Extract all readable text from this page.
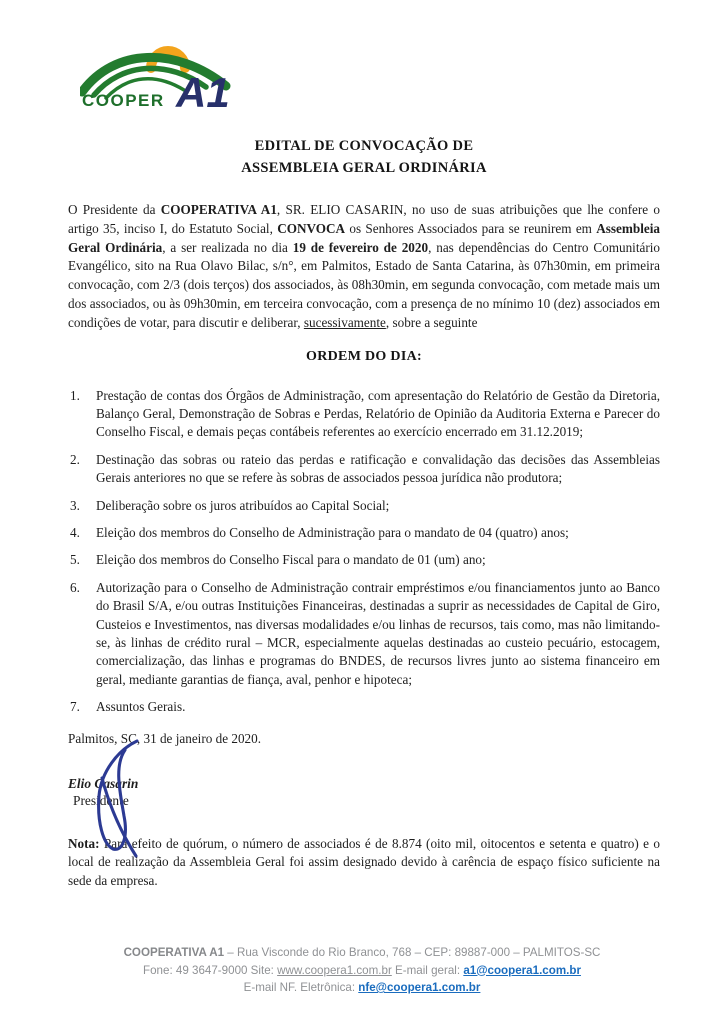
COOPER A1
EDITAL DE CONVOCAÇÃO DE
ASSEMBLEIA GERAL ORDINÁRIA

O Presidente da COOPERATIVA A1, SR. ELIO CASARIN, no uso de suas atribuições que lhe confere o artigo 35, inciso I, do Estatuto Social, CONVOCA os Senhores Associados para se reunirem em Assembleia Geral Ordinária, a ser realizada no dia 19 de fevereiro de 2020, nas dependências do Centro Comunitário Evangélico, sito na Rua Olavo Bilac, s/n°, em Palmitos, Estado de Santa Catarina, às 07h30min, em primeira convocação, com 2/3 (dois terços) dos associados, às 08h30min, em segunda convocação, com metade mais um dos associados, ou às 09h30min, em terceira convocação, com a presença de no mínimo 10 (dez) associados em condições de votar, para discutir e deliberar, sucessivamente, sobre a seguinte

ORDEM DO DIA:
Prestação de contas dos Órgãos de Administração, com apresentação do Relatório de Gestão da Diretoria, Balanço Geral, Demonstração de Sobras e Perdas, Relatório de Opinião da Auditoria Externa e Parecer do Conselho Fiscal, e demais peças contábeis referentes ao exercício encerrado em 31.12.2019;
Destinação das sobras ou rateio das perdas e ratificação e convalidação das decisões das Assembleias Gerais anteriores no que se refere às sobras de associados pessoa jurídica não produtora;
Deliberação sobre os juros atribuídos ao Capital Social;
Eleição dos membros do Conselho de Administração para o mandato de 04 (quatro) anos;
Eleição dos membros do Conselho Fiscal para o mandato de 01 (um) ano;
Autorização para o Conselho de Administração contrair empréstimos e/ou financiamentos junto ao Banco do Brasil S/A, e/ou outras Instituições Financeiras, destinadas a suprir as necessidades de Capital de Giro, Custeios e Investimentos, nas diversas modalidades e/ou linhas de recursos, tais como, mas não limitando-se, às linhas de crédito rural – MCR, especialmente aquelas destinadas ao custeio pecuário, estocagem, comercialização, das linhas e programas do BNDES, de recursos livres junto ao sistema financeiro em geral, mediante garantias de fiança, aval, penhor e hipoteca;
Assuntos Gerais.
Palmitos, SC, 31 de janeiro de 2020.
Elio Casarin
Presidente

Nota: Para efeito de quórum, o número de associados é de 8.874 (oito mil, oitocentos e setenta e quatro) e o local de realização da Assembleia Geral foi assim designado devido à carência de espaço físico suficiente na sede da empresa.

COOPERATIVA A1 – Rua Visconde do Rio Branco, 768 – CEP: 89887-000 – PALMITOS-SC
Fone: 49 3647-9000 Site: www.coopera1.com.br E-mail geral: a1@coopera1.com.br
E-mail NF. Eletrônica: nfe@coopera1.com.br
